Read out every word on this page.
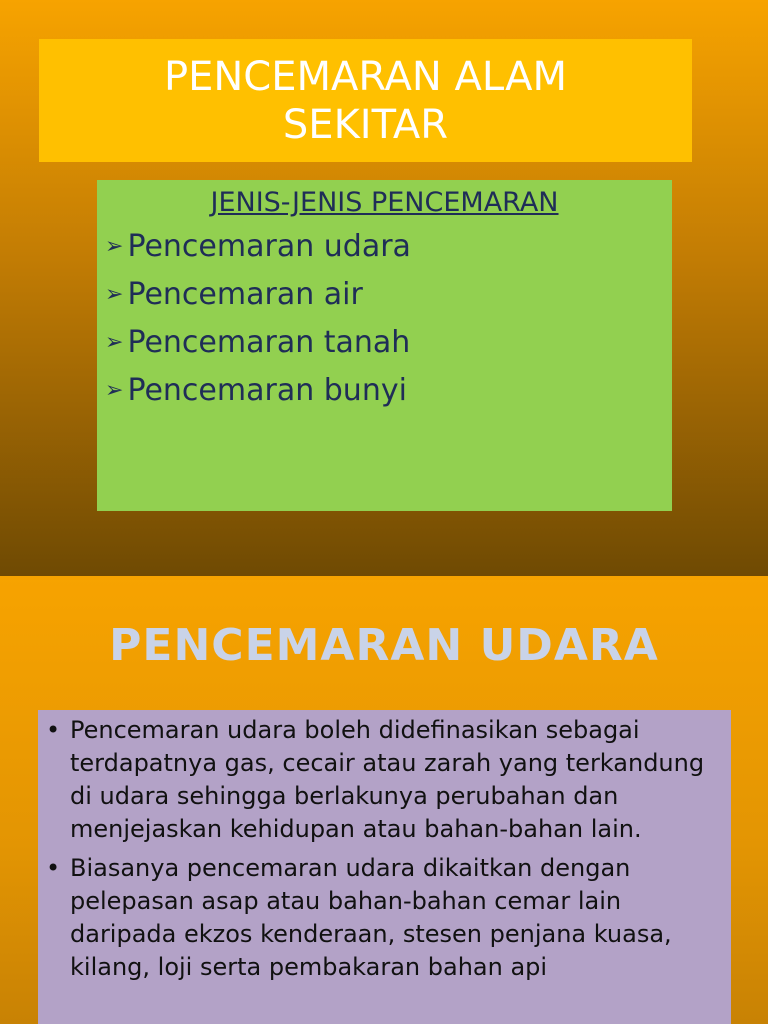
PENCEMARAN ALAM
SEKITAR
JENIS-JENIS PENCEMARAN
➢ Pencemaran udara
➢ Pencemaran air
➢ Pencemaran tanah
➢ Pencemaran bunyi
PENCEMARAN UDARA
• Pencemaran udara boleh didefinasikan sebagai terdapatnya gas, cecair atau zarah yang terkandung di udara sehingga berlakunya perubahan dan menjejaskan kehidupan atau bahan-bahan lain.
• Biasanya pencemaran udara dikaitkan dengan pelepasan asap atau bahan-bahan cemar lain daripada ekzos kenderaan, stesen penjana kuasa, kilang, loji serta pembakaran bahan api
